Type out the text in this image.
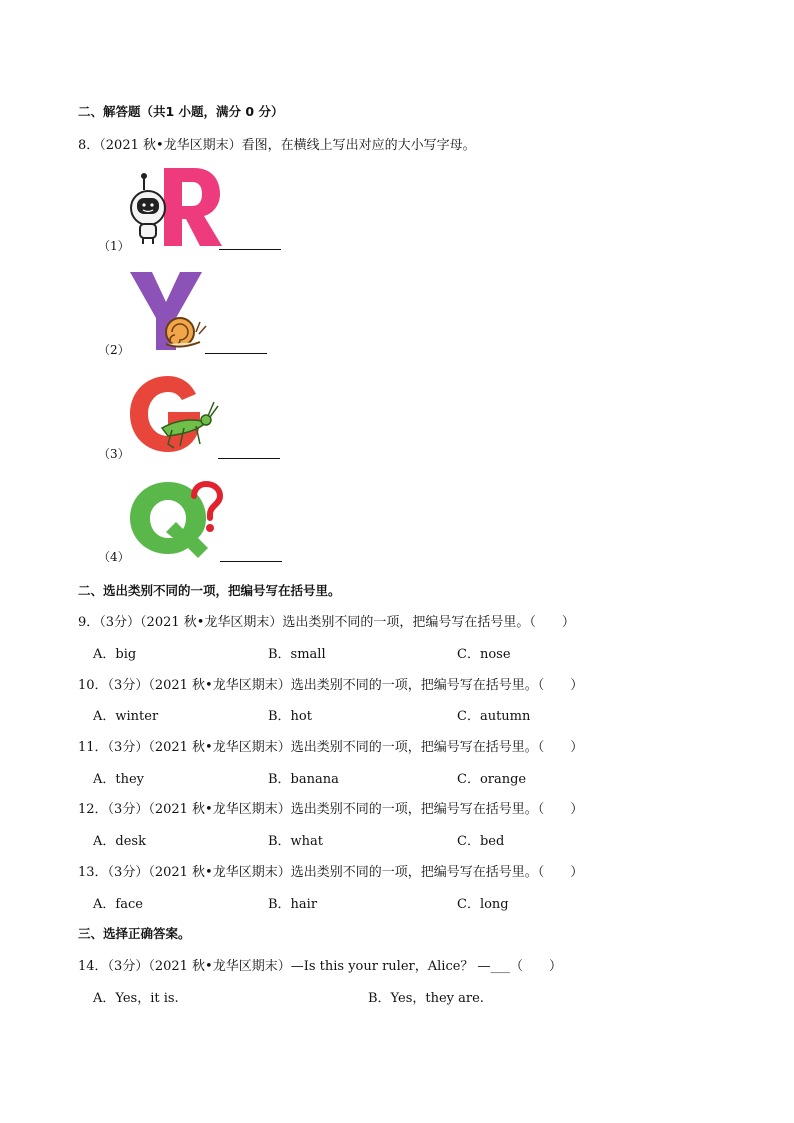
二、解答题（共1 小题，满分 0 分）
8．（2021 秋•龙华区期末）看图，在横线上写出对应的大小写字母。
（1）
（2）
（3）
（4）
二、选出类别不同的一项，把编号写在括号里。
9．（3分）（2021 秋•龙华区期末）选出类别不同的一项，把编号写在括号里。（　　）
A．big	B．small	C．nose
10．（3分）（2021 秋•龙华区期末）选出类别不同的一项，把编号写在括号里。（　　）
A．winter	B．hot	C．autumn
11．（3分）（2021 秋•龙华区期末）选出类别不同的一项，把编号写在括号里。（　　）
A．they	B．banana	C．orange
12．（3分）（2021 秋•龙华区期末）选出类别不同的一项，把编号写在括号里。（　　）
A．desk	B．what	C．bed
13．（3分）（2021 秋•龙华区期末）选出类别不同的一项，把编号写在括号里。（　　）
A．face	B．hair	C．long
三、选择正确答案。
14．（3分）（2021 秋•龙华区期末）—Is this your ruler，Alice？ —___（　　）
A．Yes，it is.	B．Yes，they are.
